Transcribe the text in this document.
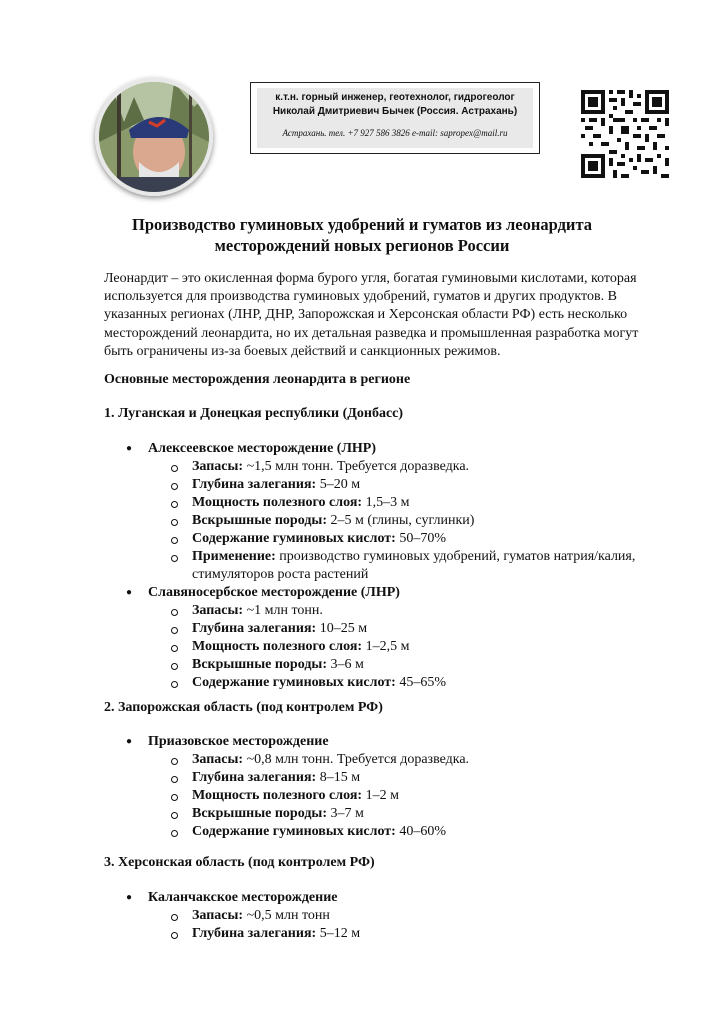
к.т.н. горный инженер, геотехнолог, гидрогеолог
Николай Дмитриевич Бычек (Россия. Астрахань)
Астрахань. тел. +7 927 586 3826 e-mail: sapropex@mail.ru
Производство гуминовых удобрений и гуматов из леонардита
месторождений новых регионов России
Леонардит – это окисленная форма бурого угля, богатая гуминовыми кислотами, которая используется для производства гуминовых удобрений, гуматов и других продуктов. В указанных регионах (ЛНР, ДНР, Запорожская и Херсонская области РФ) есть несколько месторождений леонардита, но их детальная разведка и промышленная разработка могут быть ограничены из-за боевых действий и санкционных режимов.
Основные месторождения леонардита в регионе
1. Луганская и Донецкая республики (Донбасс)
● Алексеевское месторождение (ЛНР)
Запасы: ~1,5 млн тонн. Требуется доразведка.
Глубина залегания: 5–20 м
Мощность полезного слоя: 1,5–3 м
Вскрышные породы: 2–5 м (глины, суглинки)
Содержание гуминовых кислот: 50–70%
Применение: производство гуминовых удобрений, гуматов натрия/калия,
стимуляторов роста растений
● Славяносербское месторождение (ЛНР)
Запасы: ~1 млн тонн.
Глубина залегания: 10–25 м
Мощность полезного слоя: 1–2,5 м
Вскрышные породы: 3–6 м
Содержание гуминовых кислот: 45–65%
2. Запорожская область (под контролем РФ)
● Приазовское месторождение
Запасы: ~0,8 млн тонн. Требуется доразведка.
Глубина залегания: 8–15 м
Мощность полезного слоя: 1–2 м
Вскрышные породы: 3–7 м
Содержание гуминовых кислот: 40–60%
3. Херсонская область (под контролем РФ)
● Каланчакское месторождение
Запасы: ~0,5 млн тонн
Глубина залегания: 5–12 м
